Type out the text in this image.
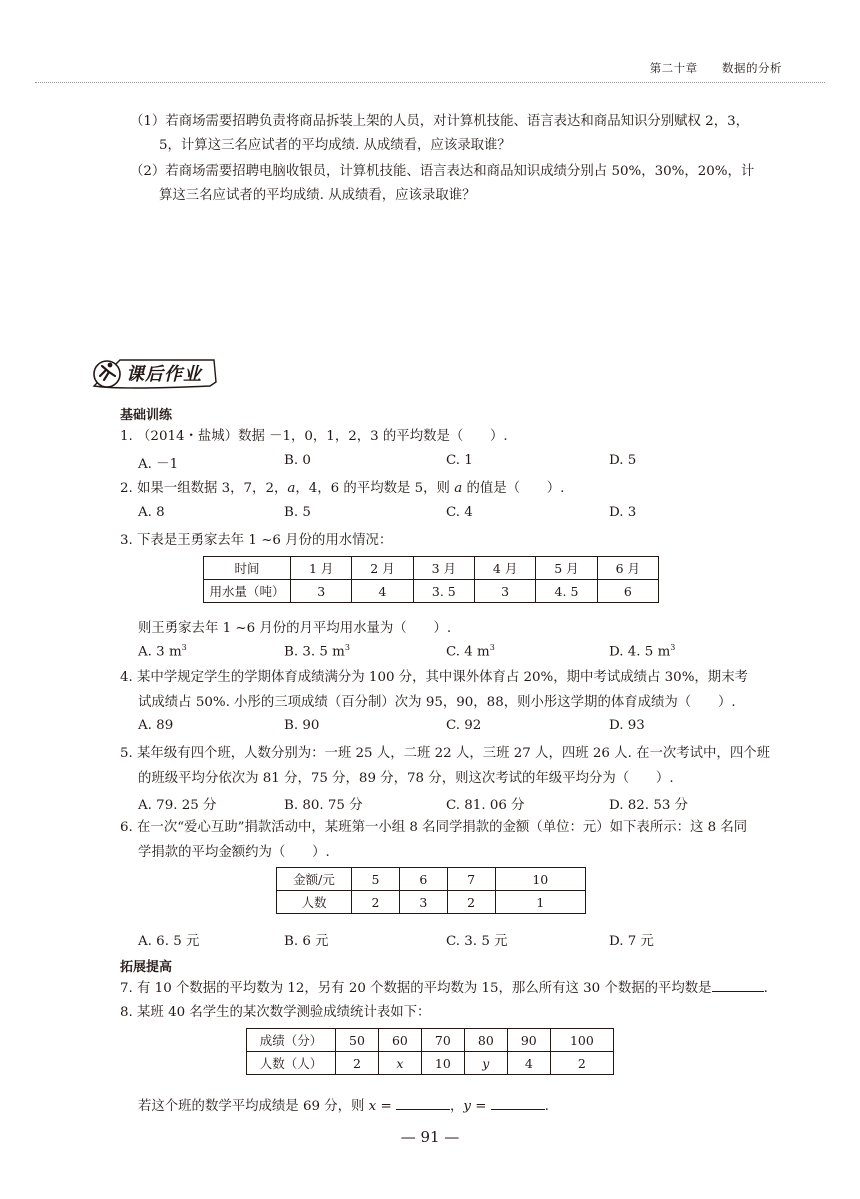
第二十章 数据的分析
（1）若商场需要招聘负责将商品拆装上架的人员，对计算机技能、语言表达和商品知识分别赋权 2，3，
5，计算这三名应试者的平均成绩. 从成绩看，应该录取谁？
（2）若商场需要招聘电脑收银员，计算机技能、语言表达和商品知识成绩分别占 50%，30%，20%，计
算这三名应试者的平均成绩. 从成绩看，应该录取谁？
课后作业
基础训练
1. （2014・盐城）数据 －1，0，1，2，3 的平均数是（　　）.
A. －1	B. 0	C. 1	D. 5
2. 如果一组数据 3，7，2，a，4，6 的平均数是 5，则 a 的值是（　　）.
A. 8	B. 5	C. 4	D. 3
3. 下表是王勇家去年 1 ~6 月份的用水情况：
时间	1 月	2 月	3 月	4 月	5 月	6 月
用水量（吨）	3	4	3. 5	3	4. 5	6
则王勇家去年 1 ~6 月份的月平均用水量为（　　）.
A. 3 $m^3$	B. 3. 5 $m^3$	C. 4 $m^3$	D. 4. 5 $m^3$
4. 某中学规定学生的学期体育成绩满分为 100 分，其中课外体育占 20%，期中考试成绩占 30%，期末考
试成绩占 50%. 小彤的三项成绩（百分制）次为 95，90，88，则小彤这学期的体育成绩为（　　）.
A. 89	B. 90	C. 92	D. 93
5. 某年级有四个班，人数分别为：一班 25 人，二班 22 人，三班 27 人，四班 26 人. 在一次考试中，四个班
的班级平均分依次为 81 分，75 分，89 分，78 分，则这次考试的年级平均分为（　　）.
A. 79. 25 分	B. 80. 75 分	C. 81. 06 分	D. 82. 53 分
6. 在一次“爱心互助”捐款活动中，某班第一小组 8 名同学捐款的金额（单位：元）如下表所示：这 8 名同
学捐款的平均金额约为（　　）.
金额/元	5	6	7	10
人数	2	3	2	1
A. 6. 5 元	B. 6 元	C. 3. 5 元	D. 7 元
拓展提高
7. 有 10 个数据的平均数为 12，另有 20 个数据的平均数为 15，那么所有这 30 个数据的平均数是	.
8. 某班 40 名学生的某次数学测验成绩统计表如下：
成绩（分）	50	60	70	80	90	100
人数（人）	2	x	10	y	4	2
若这个班的数学平均成绩是 69 分，则 x =	，y =	.
— 91 —
